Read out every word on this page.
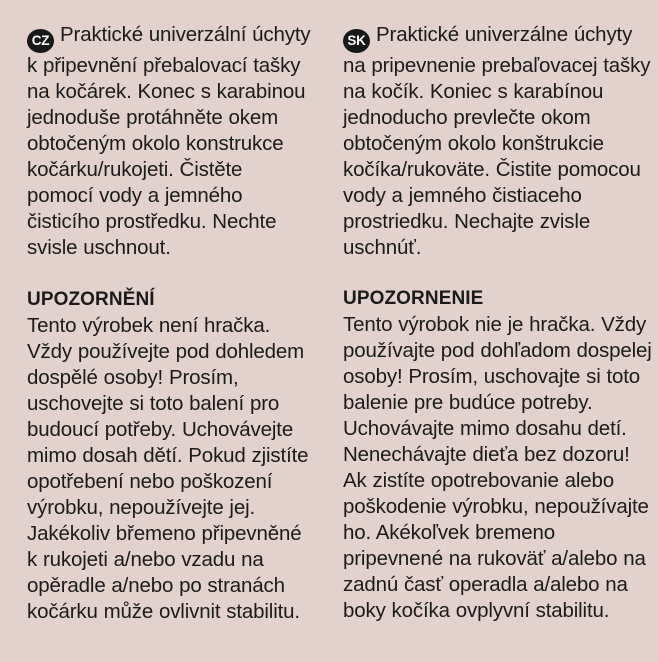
CZ Praktické univerzální úchyty k připevnění přebalovací tašky na kočárek. Konec s karabinou jednoduše protáhněte okem obtočeným okolo konstrukce kočárku/rukojeti. Čistěte pomocí vody a jemného čisticího prostředku. Nechte svisle uschnout.

UPOZORNĚNÍ

Tento výrobek není hračka. Vždy používejte pod dohledem dospělé osoby! Prosím, uschovejte si toto balení pro budoucí potřeby. Uchovávejte mimo dosah dětí. Pokud zjistíte opotřebení nebo poškození výrobku, nepoužívejte jej. Jakékoliv břemeno připevněné k rukojeti a/nebo vzadu na opěradle a/nebo po stranách kočárku může ovlivnit stabilitu.

SK Praktické univerzálne úchyty na pripevnenie prebaľovacej tašky na kočík. Koniec s karabínou jednoducho prevlečte okom obtočeným okolo konštrukcie kočíka/rukoväte. Čistite pomocou vody a jemného čistiaceho prostriedku. Nechajte zvisle uschnúť.

UPOZORNENIE

Tento výrobok nie je hračka. Vždy používajte pod dohľadom dospelej osoby! Prosím, uschovajte si toto balenie pre budúce potreby. Uchovávajte mimo dosahu detí. Nenechávajte dieťa bez dozoru! Ak zistíte opotrebovanie alebo poškodenie výrobku, nepoužívajte ho. Akékoľvek bremeno pripevnené na rukoväť a/alebo na zadnú časť operadla a/alebo na boky kočíka ovplyvní stabilitu.
